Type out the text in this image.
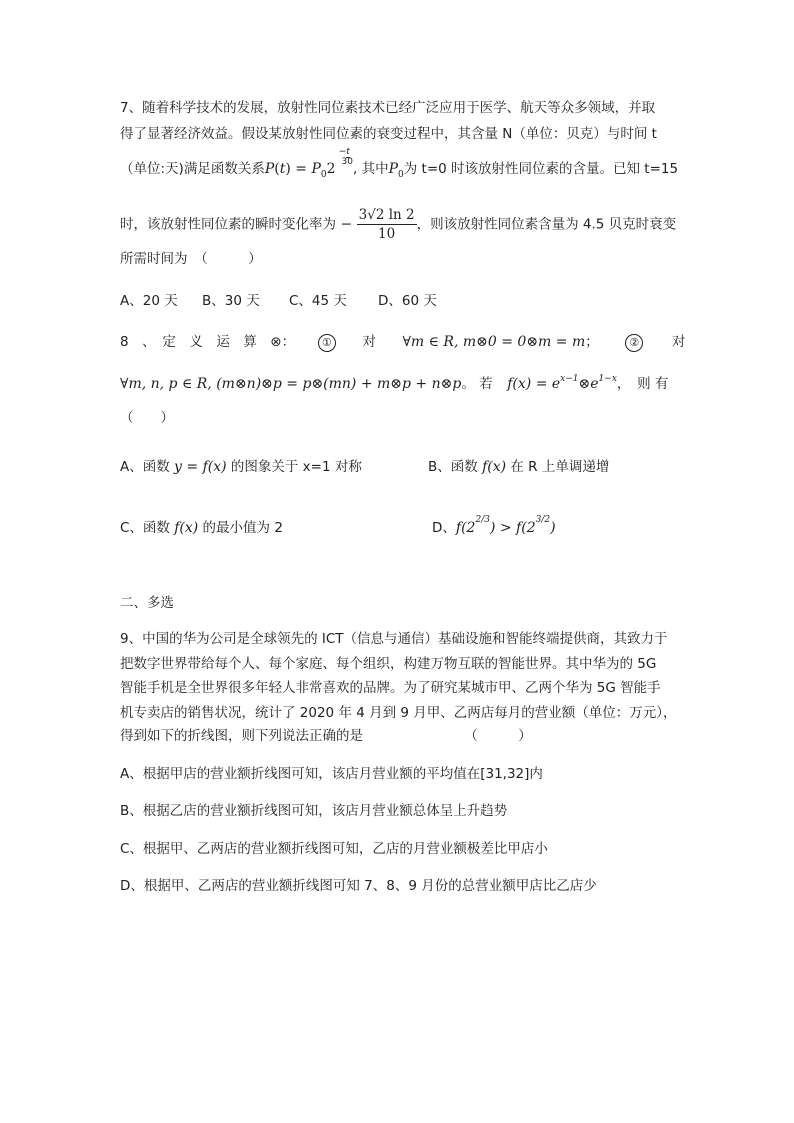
7、随着科学技术的发展，放射性同位素技术已经广泛应用于医学、航天等众多领域，并取
得了显著经济效益。假设某放射性同位素的衰变过程中，其含量 N（单位：贝克）与时间 t
（单位:天)满足函数关系$P(t) = P_02-t$
30 , 其中$P_0$为 t=0 时该放射性同位素的含量。已知 t=15
时，该放射性同位素的瞬时变化率为 − $\frac{3√2 \ln 2}{10}$ ，则该放射性同位素含量为 4.5 贝克时衰变
所需时间为　（　　　）
A、20 天 B、30 天 C、45 天 D、60 天
8　、　定　义　运　算　⊗： ① 对 ∀m ∈ R, m⊗0 = 0⊗m = m；	② 对
∀m, n, p ∈ R, (m⊗n)⊗p = p⊗(mn) + m⊗p + n⊗p。 若 $f(x) = e^{x-1}\otimes e^{1-x}$，　则 有
（　　）
A、函数 y = f(x) 的图象关于 x=1 对称	B、函数 f(x) 在 R 上单调递增
C、函数 f(x) 的最小值为 2	D、$f(2^{2/3}) > f(2^{3/2})$
二、多选
9、中国的华为公司是全球领先的 ICT（信息与通信）基础设施和智能终端提供商，其致力于
把数字世界带给每个人、每个家庭、每个组织，构建万物互联的智能世界。其中华为的 5G
智能手机是全世界很多年轻人非常喜欢的品牌。为了研究某城市甲、乙两个华为 5G 智能手
机专卖店的销售状况，统计了 2020 年 4 月到 9 月甲、乙两店每月的营业额（单位：万元），
得到如下的折线图，则下列说法正确的是　　　　　　　　（　　　）
A、根据甲店的营业额折线图可知，该店月营业额的平均值在[31,32]内
B、根据乙店的营业额折线图可知，该店月营业额总体呈上升趋势
C、根据甲、乙两店的营业额折线图可知，乙店的月营业额极差比甲店小
D、根据甲、乙两店的营业额折线图可知 7、8、9 月份的总营业额甲店比乙店少
